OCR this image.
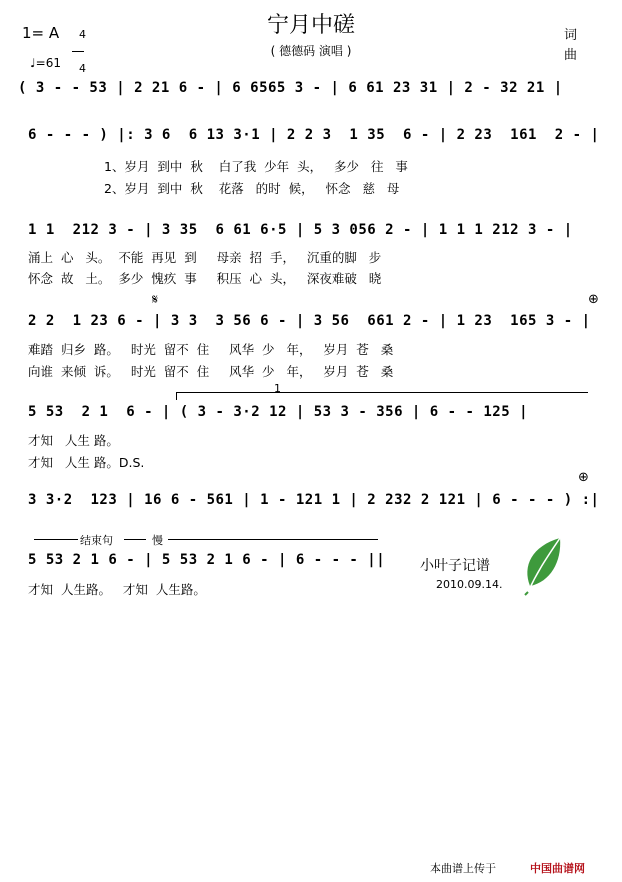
宁月中磋
( 德德码 演唱 )
1= A	4

4

♩=61
词
曲
( 3 - - 53 | 2 21 6 - | 6 6565 3 - | 6 61 23 31 | 2 - 32 21 |
6 - - - ) |: 3 6  6 13 3·1 | 2 2 3  1 35  6 - | 2 23  161  2 - |
1、岁月  到中  秋    白了我  少年  头，   多少   往   事
2、岁月  到中  秋    花落   的时  候，   怀念   慈   母
1 1  212 3 - | 3 35  6 61 6·5 | 5 3 056 2 - | 1 1 1 212 3 - |
涌上  心   头。  不能  再见  到     母亲  招  手，   沉重的脚   步
怀念  故   土。  多少  愧疚  事     积压  心  头，   深夜难破   晓
𝄋	⊕
2 2  1 23 6 - | 3 3  3 56 6 - | 3 56  661 2 - | 1 23  165 3 - |
难踏  归乡  路。   时光  留不  住     风华  少   年，   岁月  苍   桑
向谁  来倾  诉。   时光  留不  住     风华  少   年，   岁月  苍   桑
1
5 53  2 1  6 - | ( 3 - 3·2 12 | 53 3 - 356 | 6 - - 125 |
才知   人生 路。
才知   人生 路。D.S.
⊕
3 3·2  123 | 16 6 - 561 | 1 - 121 1 | 2 232 2 121 | 6 - - - ) :|
结束句	慢
5 53 2 1 6 - | 5 53 2 1 6 - | 6 - - - ||
才知  人生路。   才知  人生路。
小叶子记谱
2010.09.14.
本曲谱上传于	中国曲谱网
